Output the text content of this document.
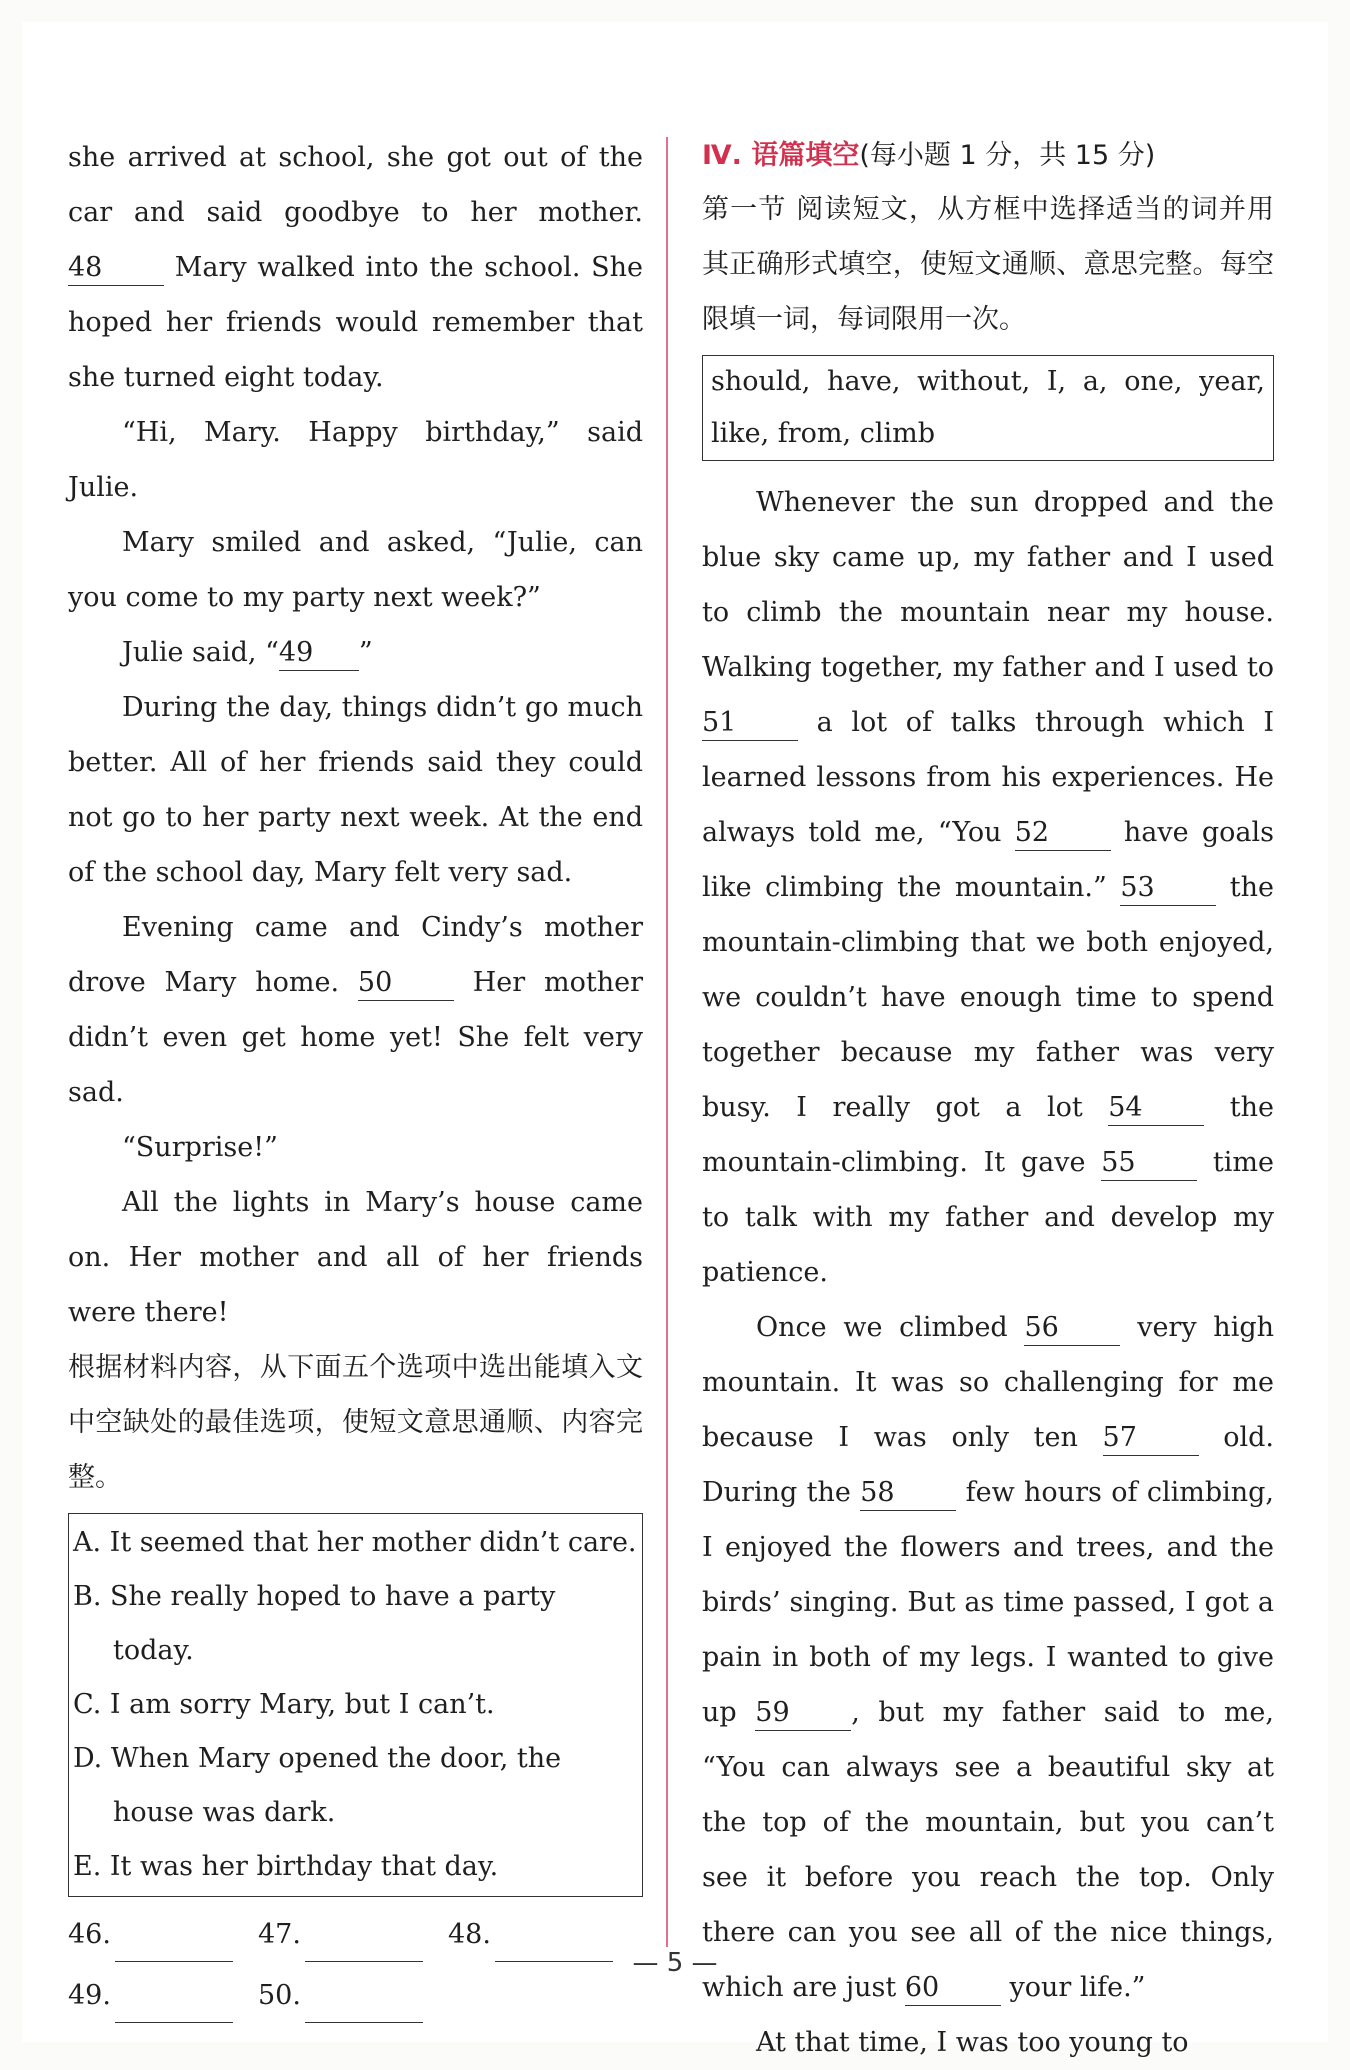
she arrived at school, she got out of the car and said goodbye to her mother. 48	Mary walked into the school. She hoped her friends would remember that she turned eight today.

“Hi, Mary. Happy birthday,” said Julie.

Mary smiled and asked, “Julie, can you come to my party next week?”

Julie said, “49 ”

During the day, things didn’t go much better. All of her friends said they could not go to her party next week. At the end of the school day, Mary felt very sad.

Evening came and Cindy’s mother drove Mary home. 50	Her mother didn’t even get home yet! She felt very sad.

“Surprise!”

All the lights in Mary’s house came on. Her mother and all of her friends were there!

根据材料内容，从下面五个选项中选出能填入文中空缺处的最佳选项，使短文意思通顺、内容完整。

A. It seemed that her mother didn’t care.

B. She really hoped to have a party today.

C. I am sorry Mary, but I can’t.

D. When Mary opened the door, the house was dark.

E. It was her birthday that day.

46.	47.	48.
49.	50.
Ⅳ. 语篇填空(每小题 1 分，共 15 分)

第一节 阅读短文，从方框中选择适当的词并用其正确形式填空，使短文通顺、意思完整。每空限填一词，每词限用一次。

should, have, without, I, a, one, year, like, from, climb

Whenever the sun dropped and the blue sky came up, my father and I used to climb the mountain near my house. Walking together, my father and I used to 51	a lot of talks through which I learned lessons from his experiences. He always told me, “You 52	have goals like climbing the mountain.” 53	the mountain-climbing that we both enjoyed, we couldn’t have enough time to spend together because my father was very busy. I really got a lot 54	the mountain-climbing. It gave 55	time to talk with my father and develop my patience.

Once we climbed 56	very high mountain. It was so challenging for me because I was only ten 57	old. During the 58	few hours of climbing, I enjoyed the flowers and trees, and the birds’ singing. But as time passed, I got a pain in both of my legs. I wanted to give up 59 , but my father said to me, “You can always see a beautiful sky at the top of the mountain, but you can’t see it before you reach the top. Only there can you see all of the nice things, which are just 60	your life.”

At that time, I was too young to

— 5 —
